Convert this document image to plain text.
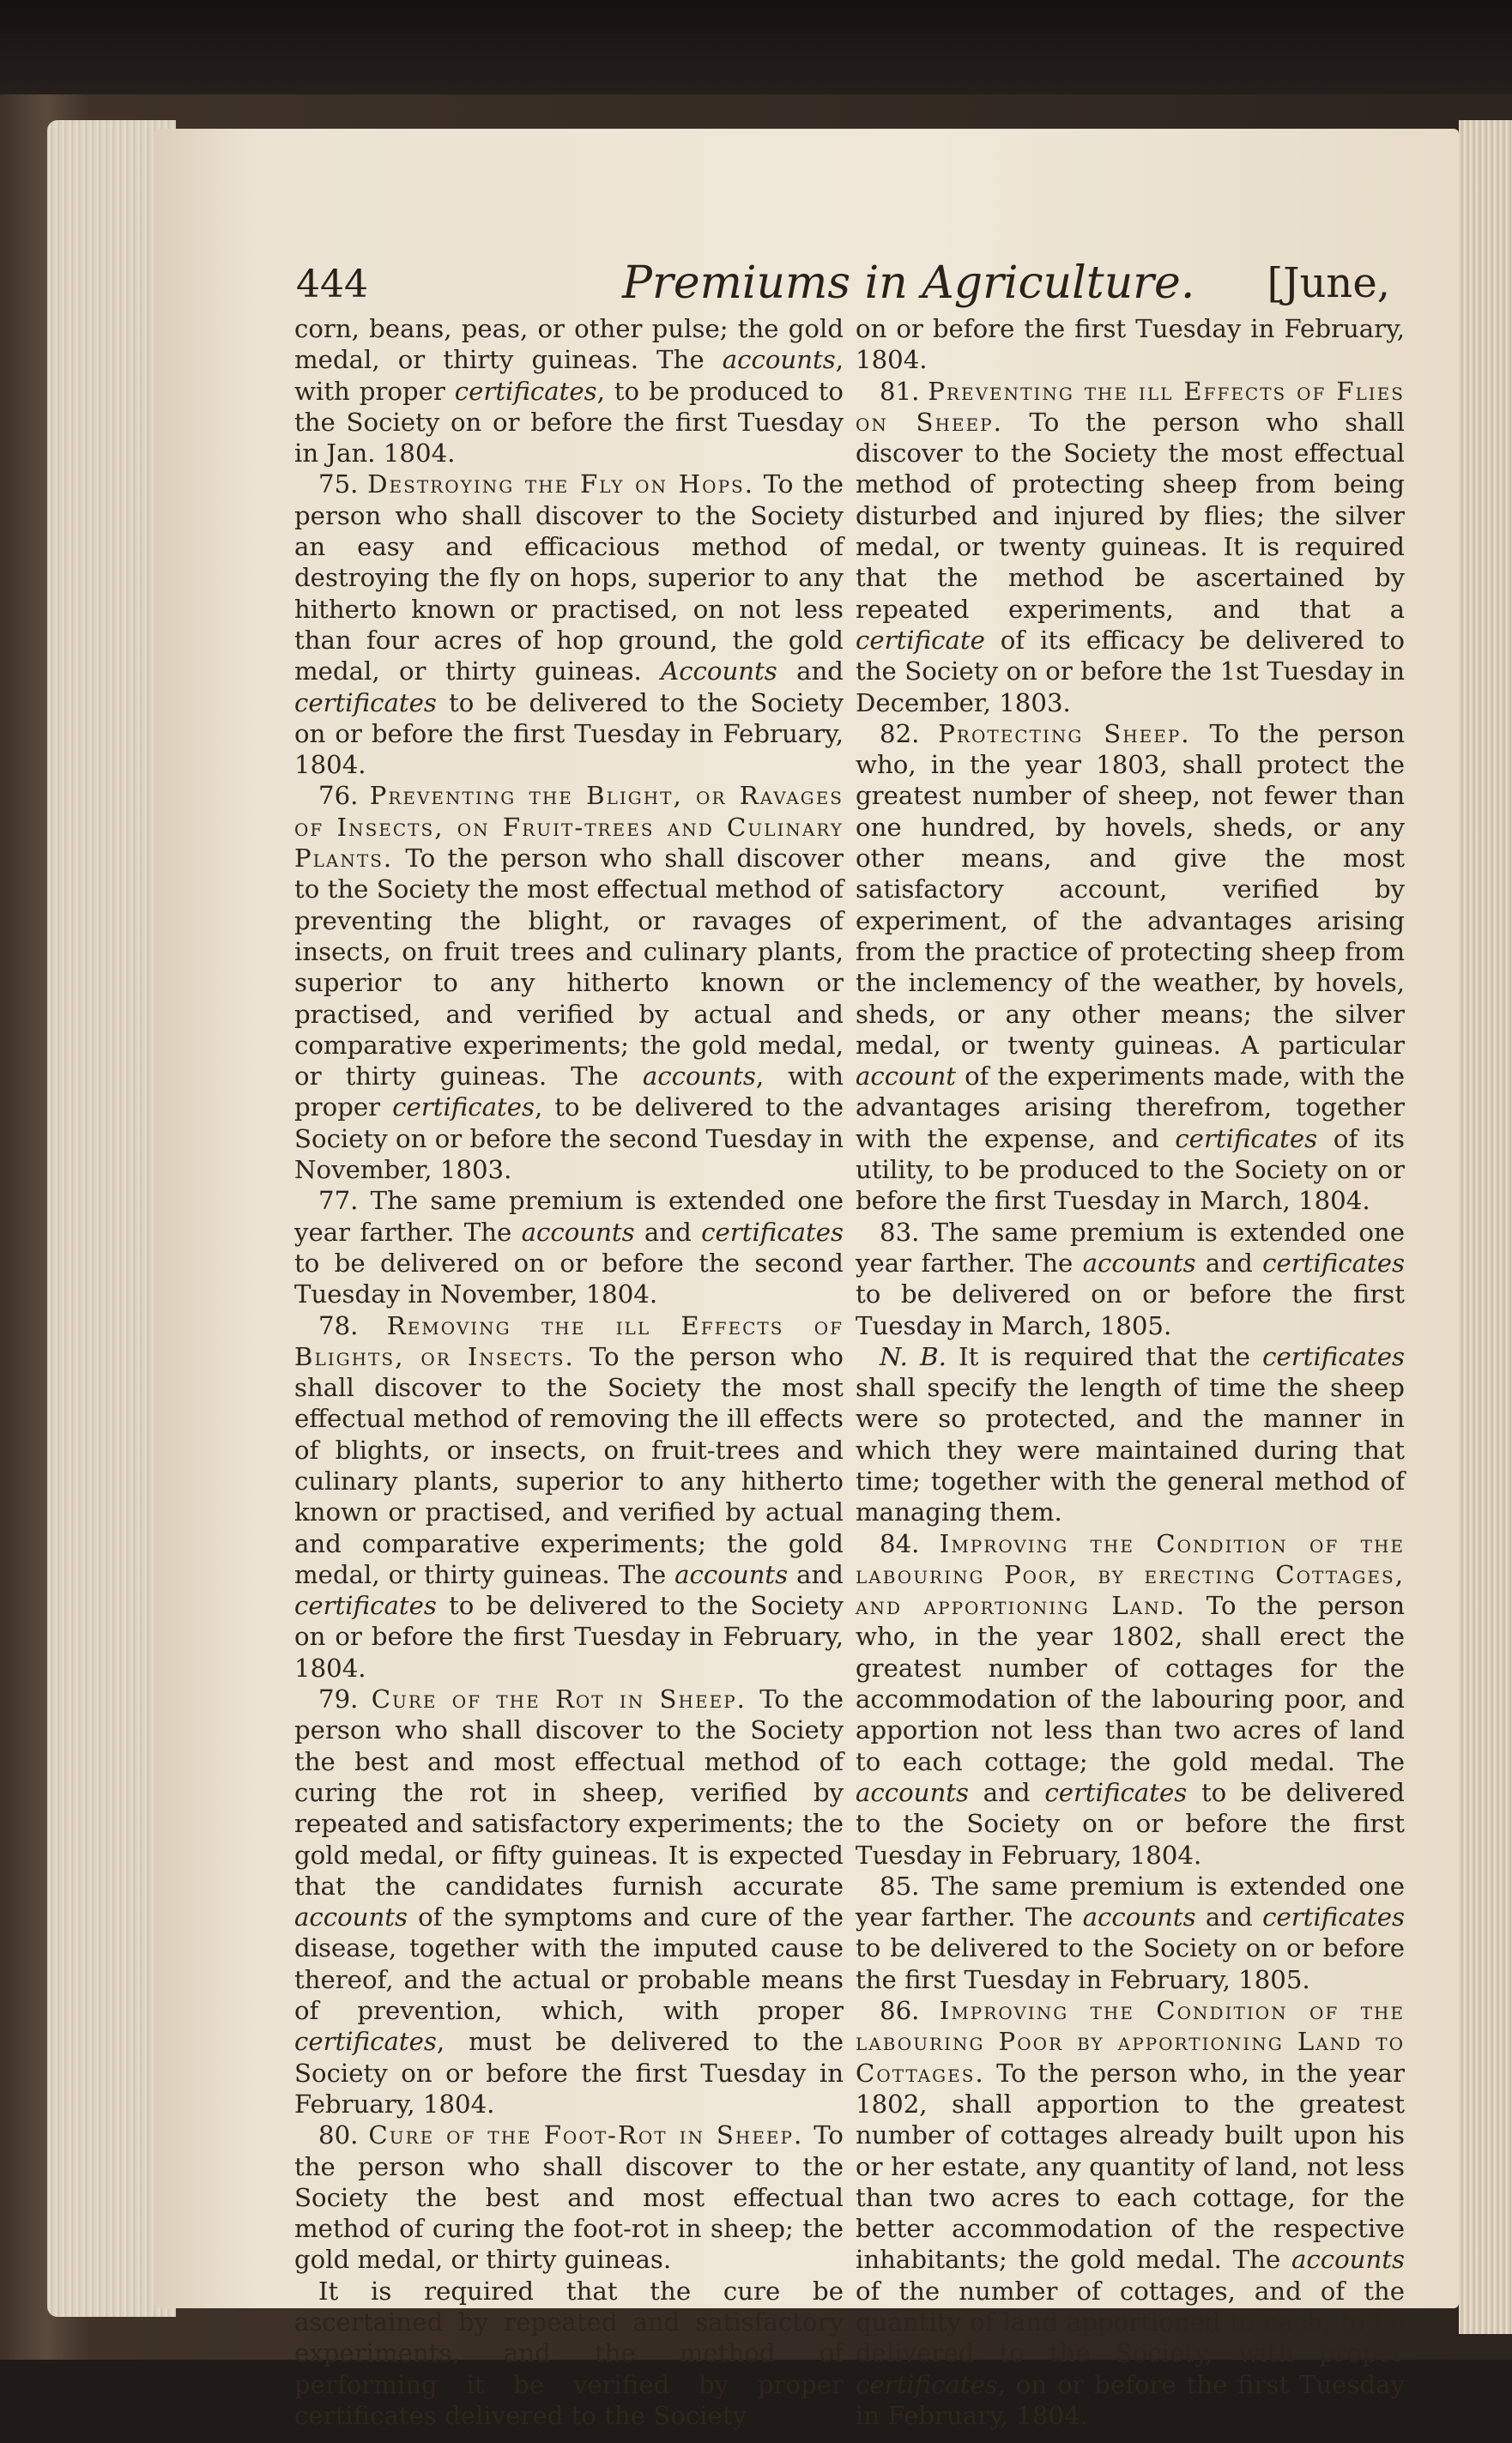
444	Premiums in Agriculture. [June,

corn, beans, peas, or other pulse; the gold medal, or thirty guineas. The accounts, with proper certificates, to be produced to the Society on or before the first Tuesday in Jan. 1804.

75. Destroying the Fly on Hops. To the person who shall discover to the Society an easy and efficacious method of destroying the fly on hops, superior to any hitherto known or practised, on not less than four acres of hop ground, the gold medal, or thirty guineas. Accounts and certificates to be delivered to the Society on or before the first Tuesday in February, 1804.

76. Preventing the Blight, or Ravages of Insects, on Fruit-trees and Culinary Plants. To the person who shall discover to the Society the most effectual method of preventing the blight, or ravages of insects, on fruit trees and culinary plants, superior to any hitherto known or practised, and verified by actual and comparative experiments; the gold medal, or thirty guineas. The accounts, with proper certificates, to be delivered to the Society on or before the second Tuesday in November, 1803.

77. The same premium is extended one year farther. The accounts and certificates to be delivered on or before the second Tuesday in November, 1804.

78. Removing the ill Effects of Blights, or Insects. To the person who shall discover to the Society the most effectual method of removing the ill effects of blights, or insects, on fruit-trees and culinary plants, superior to any hitherto known or practised, and verified by actual and comparative experiments; the gold medal, or thirty guineas. The accounts and certificates to be delivered to the Society on or before the first Tuesday in February, 1804.

79. Cure of the Rot in Sheep. To the person who shall discover to the Society the best and most effectual method of curing the rot in sheep, verified by repeated and satisfactory experiments; the gold medal, or fifty guineas. It is expected that the candidates furnish accurate accounts of the symptoms and cure of the disease, together with the imputed cause thereof, and the actual or probable means of prevention, which, with proper certificates, must be delivered to the Society on or before the first Tuesday in February, 1804.

80. Cure of the Foot-Rot in Sheep. To the person who shall discover to the Society the best and most effectual method of curing the foot-rot in sheep; the gold medal, or thirty guineas.

It is required that the cure be ascertained by repeated and satisfactory experiments, and the method of performing it be verified by proper certificates delivered to the Society

on or before the first Tuesday in February, 1804.

81. Preventing the ill Effects of Flies on Sheep. To the person who shall discover to the Society the most effectual method of protecting sheep from being disturbed and injured by flies; the silver medal, or twenty guineas. It is required that the method be ascertained by repeated experiments, and that a certificate of its efficacy be delivered to the Society on or before the 1st Tuesday in December, 1803.

82. Protecting Sheep. To the person who, in the year 1803, shall protect the greatest number of sheep, not fewer than one hundred, by hovels, sheds, or any other means, and give the most satisfactory account, verified by experiment, of the advantages arising from the practice of protecting sheep from the inclemency of the weather, by hovels, sheds, or any other means; the silver medal, or twenty guineas. A particular account of the experiments made, with the advantages arising therefrom, together with the expense, and certificates of its utility, to be produced to the Society on or before the first Tuesday in March, 1804.

83. The same premium is extended one year farther. The accounts and certificates to be delivered on or before the first Tuesday in March, 1805.

N. B. It is required that the certificates shall specify the length of time the sheep were so protected, and the manner in which they were maintained during that time; together with the general method of managing them.

84. Improving the Condition of the labouring Poor, by erecting Cottages, and apportioning Land. To the person who, in the year 1802, shall erect the greatest number of cottages for the accommodation of the labouring poor, and apportion not less than two acres of land to each cottage; the gold medal. The accounts and certificates to be delivered to the Society on or before the first Tuesday in February, 1804.

85. The same premium is extended one year farther. The accounts and certificates to be delivered to the Society on or before the first Tuesday in February, 1805.

86. Improving the Condition of the labouring Poor by apportioning Land to Cottages. To the person who, in the year 1802, shall apportion to the greatest number of cottages already built upon his or her estate, any quantity of land, not less than two acres to each cottage, for the better accommodation of the respective inhabitants; the gold medal. The accounts of the number of cottages, and of the quantity of land apportioned to each, to be delivered to the Society, with proper certificates, on or before the first Tuesday in February, 1804.
